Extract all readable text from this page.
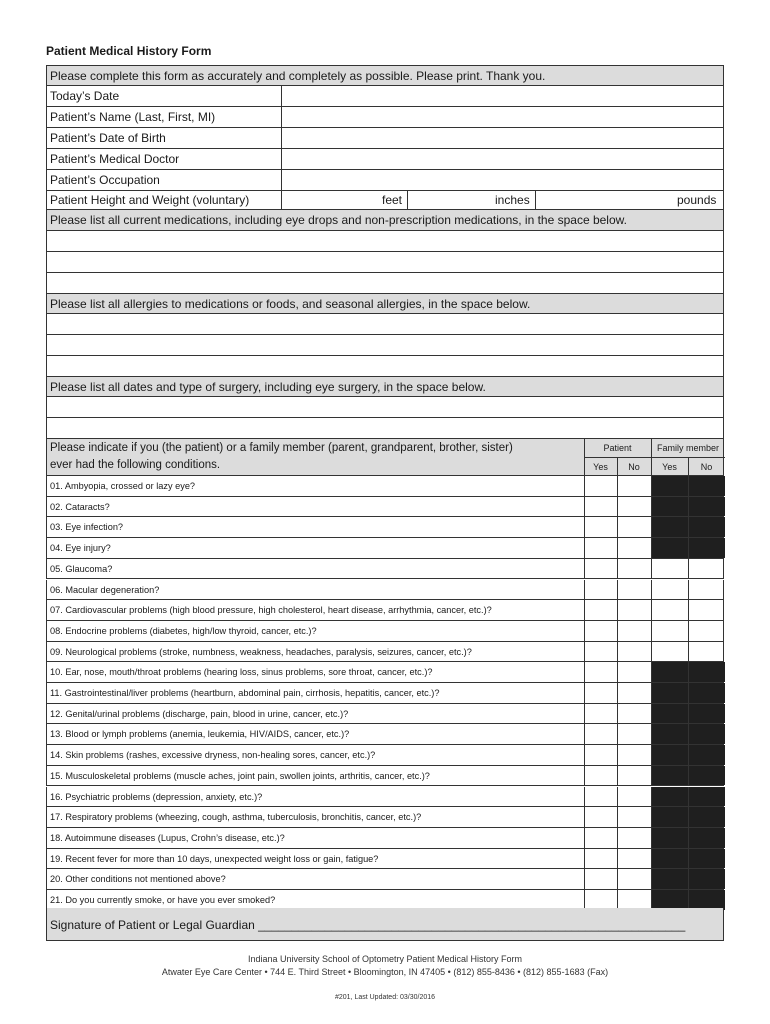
Patient Medical History Form
Please complete this form as accurately and completely as possible. Please print. Thank you.
Today’s Date
Patient’s Name (Last, First, MI)
Patient’s Date of Birth
Patient’s Medical Doctor
Patient’s Occupation
Patient Height and Weight (voluntary)	feet	inches	pounds
Please list all current medications, including eye drops and non-prescription medications, in the space below.
Please list all allergies to medications or foods, and seasonal allergies, in the space below.
Please list all dates and type of surgery, including eye surgery, in the space below.
Please indicate if you (the patient) or a family member (parent, grandparent, brother, sister)
ever had the following conditions.
Patient	Family member
Yes	No	Yes	No
01. Ambyopia, crossed or lazy eye?
02. Cataracts?
03. Eye infection?
04. Eye injury?
05. Glaucoma?
06. Macular degeneration?
07. Cardiovascular problems (high blood pressure, high cholesterol, heart disease, arrhythmia, cancer, etc.)?
08. Endocrine problems (diabetes, high/low thyroid, cancer, etc.)?
09. Neurological problems (stroke, numbness, weakness, headaches, paralysis, seizures, cancer, etc.)?
10. Ear, nose, mouth/throat problems (hearing loss, sinus problems, sore throat, cancer, etc.)?
11. Gastrointestinal/liver problems (heartburn, abdominal pain, cirrhosis, hepatitis, cancer, etc.)?
12. Genital/urinal problems (discharge, pain, blood in urine, cancer, etc.)?
13. Blood or lymph problems (anemia, leukemia, HIV/AIDS, cancer, etc.)?
14. Skin problems (rashes, excessive dryness, non-healing sores, cancer, etc.)?
15. Musculoskeletal problems (muscle aches, joint pain, swollen joints, arthritis, cancer, etc.)?
16. Psychiatric problems (depression, anxiety, etc.)?
17. Respiratory problems (wheezing, cough, asthma, tuberculosis, bronchitis, cancer, etc.)?
18. Autoimmune diseases (Lupus, Crohn’s disease, etc.)?
19. Recent fever for more than 10 days, unexpected weight loss or gain, fatigue?
20. Other conditions not mentioned above?
21. Do you currently smoke, or have you ever smoked?
Signature of Patient or Legal Guardian ________________________________________________________________
Indiana University School of Optometry Patient Medical History Form
Atwater Eye Care Center • 744 E. Third Street • Bloomington, IN 47405 • (812) 855-8436 • (812) 855-1683 (Fax)
#201, Last Updated: 03/30/2016
